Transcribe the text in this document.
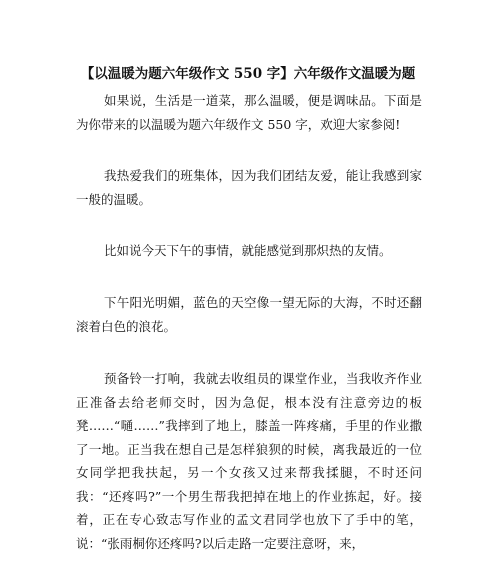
【以温暖为题六年级作文 550 字】六年级作文温暖为题

如果说，生活是一道菜，那么温暖，便是调味品。下面是为你带来的以温暖为题六年级作文 550 字，欢迎大家参阅!

我热爱我们的班集体，因为我们团结友爱，能让我感到家一般的温暖。

比如说今天下午的事情，就能感觉到那炽热的友情。

下午阳光明媚，蓝色的天空像一望无际的大海，不时还翻滚着白色的浪花。

预备铃一打响，我就去收组员的课堂作业，当我收齐作业正准备去给老师交时，因为急促，根本没有注意旁边的板凳……“嗵……”我摔到了地上，膝盖一阵疼痛，手里的作业撒了一地。正当我在想自己是怎样狼狈的时候，离我最近的一位女同学把我扶起，另一个女孩又过来帮我揉腿，不时还问我：“还疼吗?”一个男生帮我把掉在地上的作业拣起，好。接着，正在专心致志写作业的孟文君同学也放下了手中的笔，说：“张雨桐你还疼吗?以后走路一定要注意呀，来，
